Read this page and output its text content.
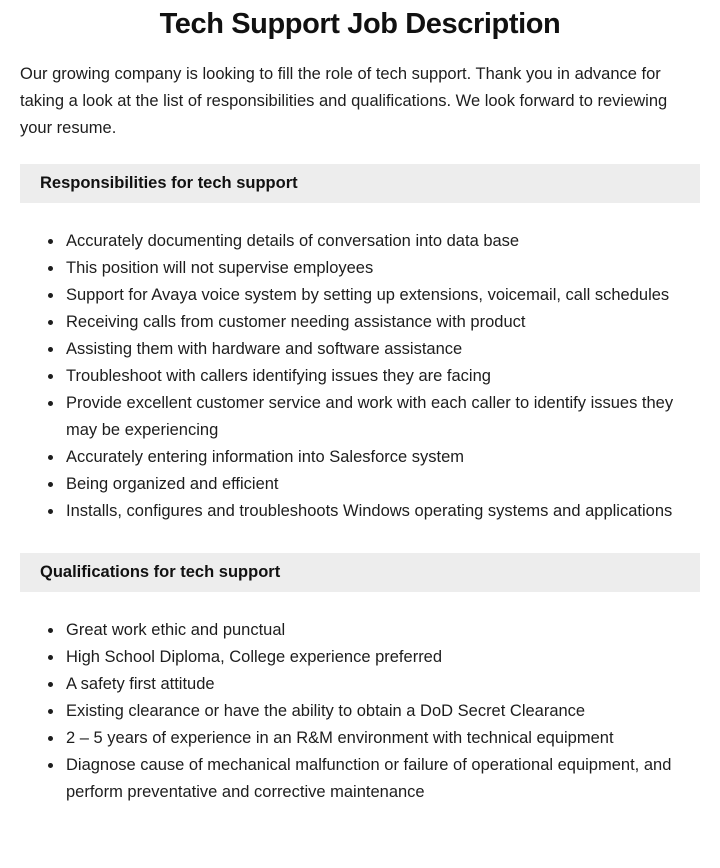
Tech Support Job Description

Our growing company is looking to fill the role of tech support. Thank you in advance for taking a look at the list of responsibilities and qualifications. We look forward to reviewing your resume.

Responsibilities for tech support
• Accurately documenting details of conversation into data base
• This position will not supervise employees
• Support for Avaya voice system by setting up extensions, voicemail, call schedules
• Receiving calls from customer needing assistance with product
• Assisting them with hardware and software assistance
• Troubleshoot with callers identifying issues they are facing
• Provide excellent customer service and work with each caller to identify issues they may be experiencing
• Accurately entering information into Salesforce system
• Being organized and efficient
• Installs, configures and troubleshoots Windows operating systems and applications
Qualifications for tech support
• Great work ethic and punctual
• High School Diploma, College experience preferred
• A safety first attitude
• Existing clearance or have the ability to obtain a DoD Secret Clearance
• 2 – 5 years of experience in an R&M environment with technical equipment
• Diagnose cause of mechanical malfunction or failure of operational equipment, and perform preventative and corrective maintenance
